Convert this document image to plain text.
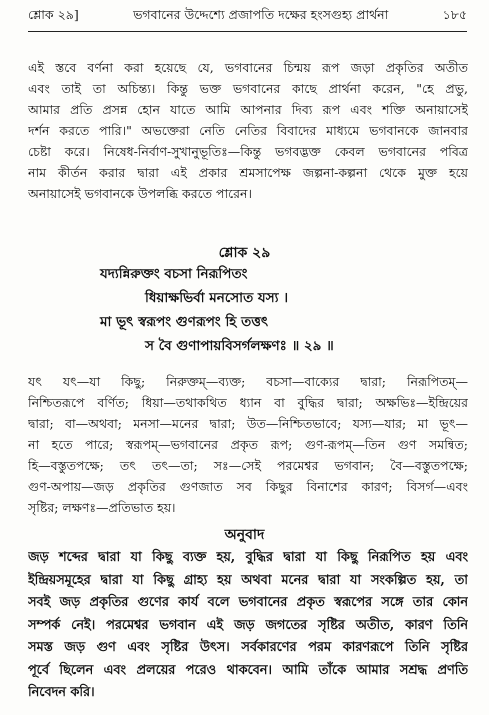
শ্লোক ২৯]	ভগবানের উদ্দেশ্যে প্রজাপতি দক্ষের হংসগুহ্য প্রার্থনা	১৮৫
এই স্তবে বর্ণনা করা হয়েছে যে, ভগবানের চিন্ময় রূপ জড়া প্রকৃতির অতীত
এবং তাই তা অচিন্ত্য। কিন্তু ভক্ত ভগবানের কাছে প্রার্থনা করেন, "হে প্রভু,
আমার প্রতি প্রসন্ন হোন যাতে আমি আপনার দিব্য রূপ এবং শক্তি অনায়াসেই
দর্শন করতে পারি।" অভক্তেরা নেতি নেতির বিবাদের মাধ্যমে ভগবানকে জানবার
চেষ্টা করে। নিষেধ-নির্বাণ-সুখানুভূতিঃ—কিন্তু ভগবদ্ভক্ত কেবল ভগবানের পবিত্র
নাম কীর্তন করার দ্বারা এই প্রকার শ্রমসাপেক্ষ জল্পনা-কল্পনা থেকে মুক্ত হয়ে
অনায়াসেই ভগবানকে উপলব্ধি করতে পারেন।
শ্লোক ২৯
যদ্যন্নিরুক্তং বচসা নিরূপিতং
ধিয়াক্ষভির্বা মনসোত যস্য ।
মা ভূৎ স্বরূপং গুণরূপং হি তত্তৎ
স বৈ গুণাপায়বিসর্গলক্ষণঃ ॥ ২৯ ॥
যৎ যৎ—যা কিছু; নিরুক্তম্—ব্যক্ত; বচসা—বাক্যের দ্বারা; নিরূপিতম্—
নিশ্চিতরূপে বর্ণিত; ধিয়া—তথাকথিত ধ্যান বা বুদ্ধির দ্বারা; অক্ষভিঃ—ইন্দ্রিয়ের
দ্বারা; বা—অথবা; মনসা—মনের দ্বারা; উত—নিশ্চিতভাবে; যস্য—যার; মা ভূৎ—
না হতে পারে; স্বরূপম্—ভগবানের প্রকৃত রূপ; গুণ-রূপম্—তিন গুণ সমন্বিত;
হি—বস্তুতপক্ষে; তৎ তৎ—তা; সঃ—সেই পরমেশ্বর ভগবান; বৈ—বস্তুতপক্ষে;
গুণ-অপায়—জড় প্রকৃতির গুণজাত সব কিছুর বিনাশের কারণ; বিসর্গ—এবং
সৃষ্টির; লক্ষণঃ—প্রতিভাত হয়।
অনুবাদ
জড় শব্দের দ্বারা যা কিছু ব্যক্ত হয়, বুদ্ধির দ্বারা যা কিছু নিরূপিত হয় এবং
ইন্দ্রিয়সমূহের দ্বারা যা কিছু গ্রাহ্য হয় অথবা মনের দ্বারা যা সংকল্পিত হয়, তা
সবই জড় প্রকৃতির গুণের কার্য বলে ভগবানের প্রকৃত স্বরূপের সঙ্গে তার কোন
সম্পর্ক নেই। পরমেশ্বর ভগবান এই জড় জগতের সৃষ্টির অতীত, কারণ তিনি
সমস্ত জড় গুণ এবং সৃষ্টির উৎস। সর্বকারণের পরম কারণরূপে তিনি সৃষ্টির
পূর্বে ছিলেন এবং প্রলয়ের পরেও থাকবেন। আমি তাঁকে আমার সশ্রদ্ধ প্রণতি
নিবেদন করি।
